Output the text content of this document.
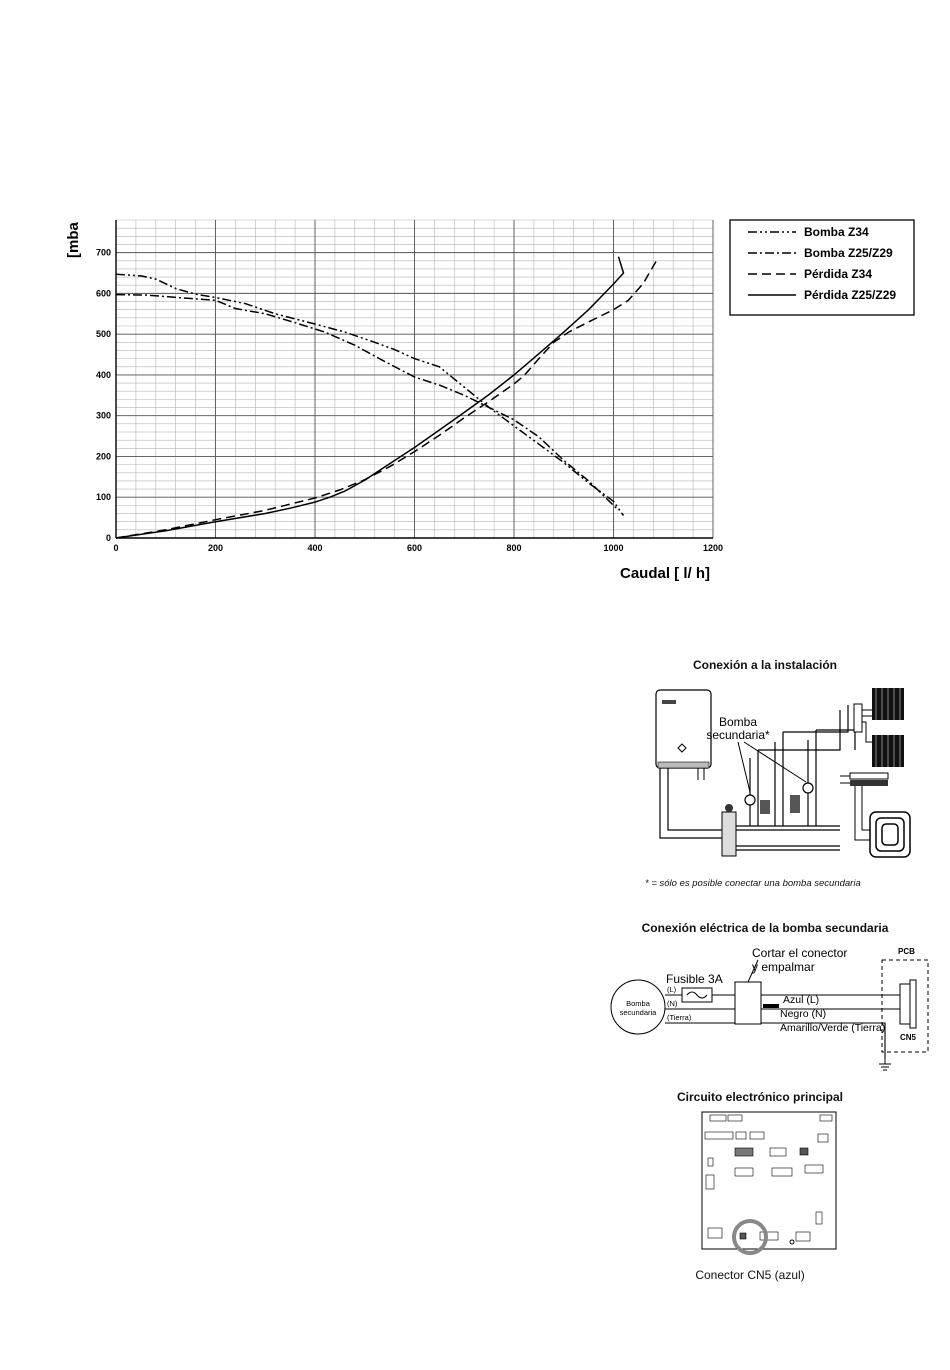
0	200	400	600	800	1000	1200
0
100
200
300
400
500
600
700
[mba
Caudal [ l/ h]
Bomba Z34
Bomba Z25/Z29
Pérdida Z34
Pérdida Z25/Z29
Conexión a la instalación
Bomba
secundaria*
* = sólo es posible conectar una bomba secundaria
Conexión eléctrica de la bomba secundaria
Bomba
secundaria
Fusible 3A
Cortar el conector
y empalmar
(L)
(N)
(Tierra)
Azul (L)
Negro (N)
Amarillo/Verde (Tierra)
PCB
CN5
Circuito electrónico principal
Conector CN5 (azul)
